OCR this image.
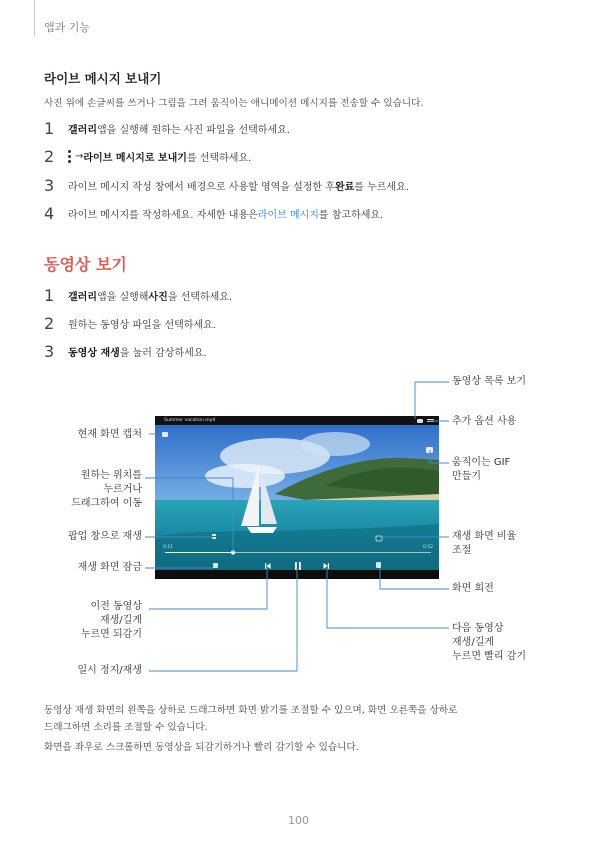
앱과 기능
라이브 메시지 보내기
사진 위에 손글씨를 쓰거나 그림을 그려 움직이는 애니메이션 메시지를 전송할 수 있습니다.
1	갤러리 앱을 실행해 원하는 사진 파일을 선택하세요.
2	→ 라이브 메시지로 보내기 를 선택하세요.
3	라이브 메시지 작성 창에서 배경으로 사용할 영역을 설정한 후 완료 를 누르세요.
4	라이브 메시지를 작성하세요. 자세한 내용은 라이브 메시지 를 참고하세요.
동영상 보기
1	갤러리 앱을 실행해 사진 을 선택하세요.
2	원하는 동영상 파일을 선택하세요.
3	동영상 재생 을 눌러 감상하세요.
Summer vacation.mp4
0:11	0:52
동영상 목록 보기
추가 옵션 사용
현재 화면 캡처
원하는 위치를
누르거나
드래그하여 이동
움직이는 GIF
만들기
팝업 창으로 재생	재생 화면 비율
조절
재생 화면 잠금
화면 회전
이전 동영상
재생/길게
누르면 되감기
다음 동영상
재생/길게
누르면 빨리 감기
일시 정지/재생
동영상 재생 화면의 왼쪽을 상하로 드래그하면 화면 밝기를 조절할 수 있으며, 화면 오른쪽을 상하로
드래그하면 소리를 조절할 수 있습니다.
화면을 좌우로 스크롤하면 동영상을 되감기하거나 빨리 감기할 수 있습니다.
100
